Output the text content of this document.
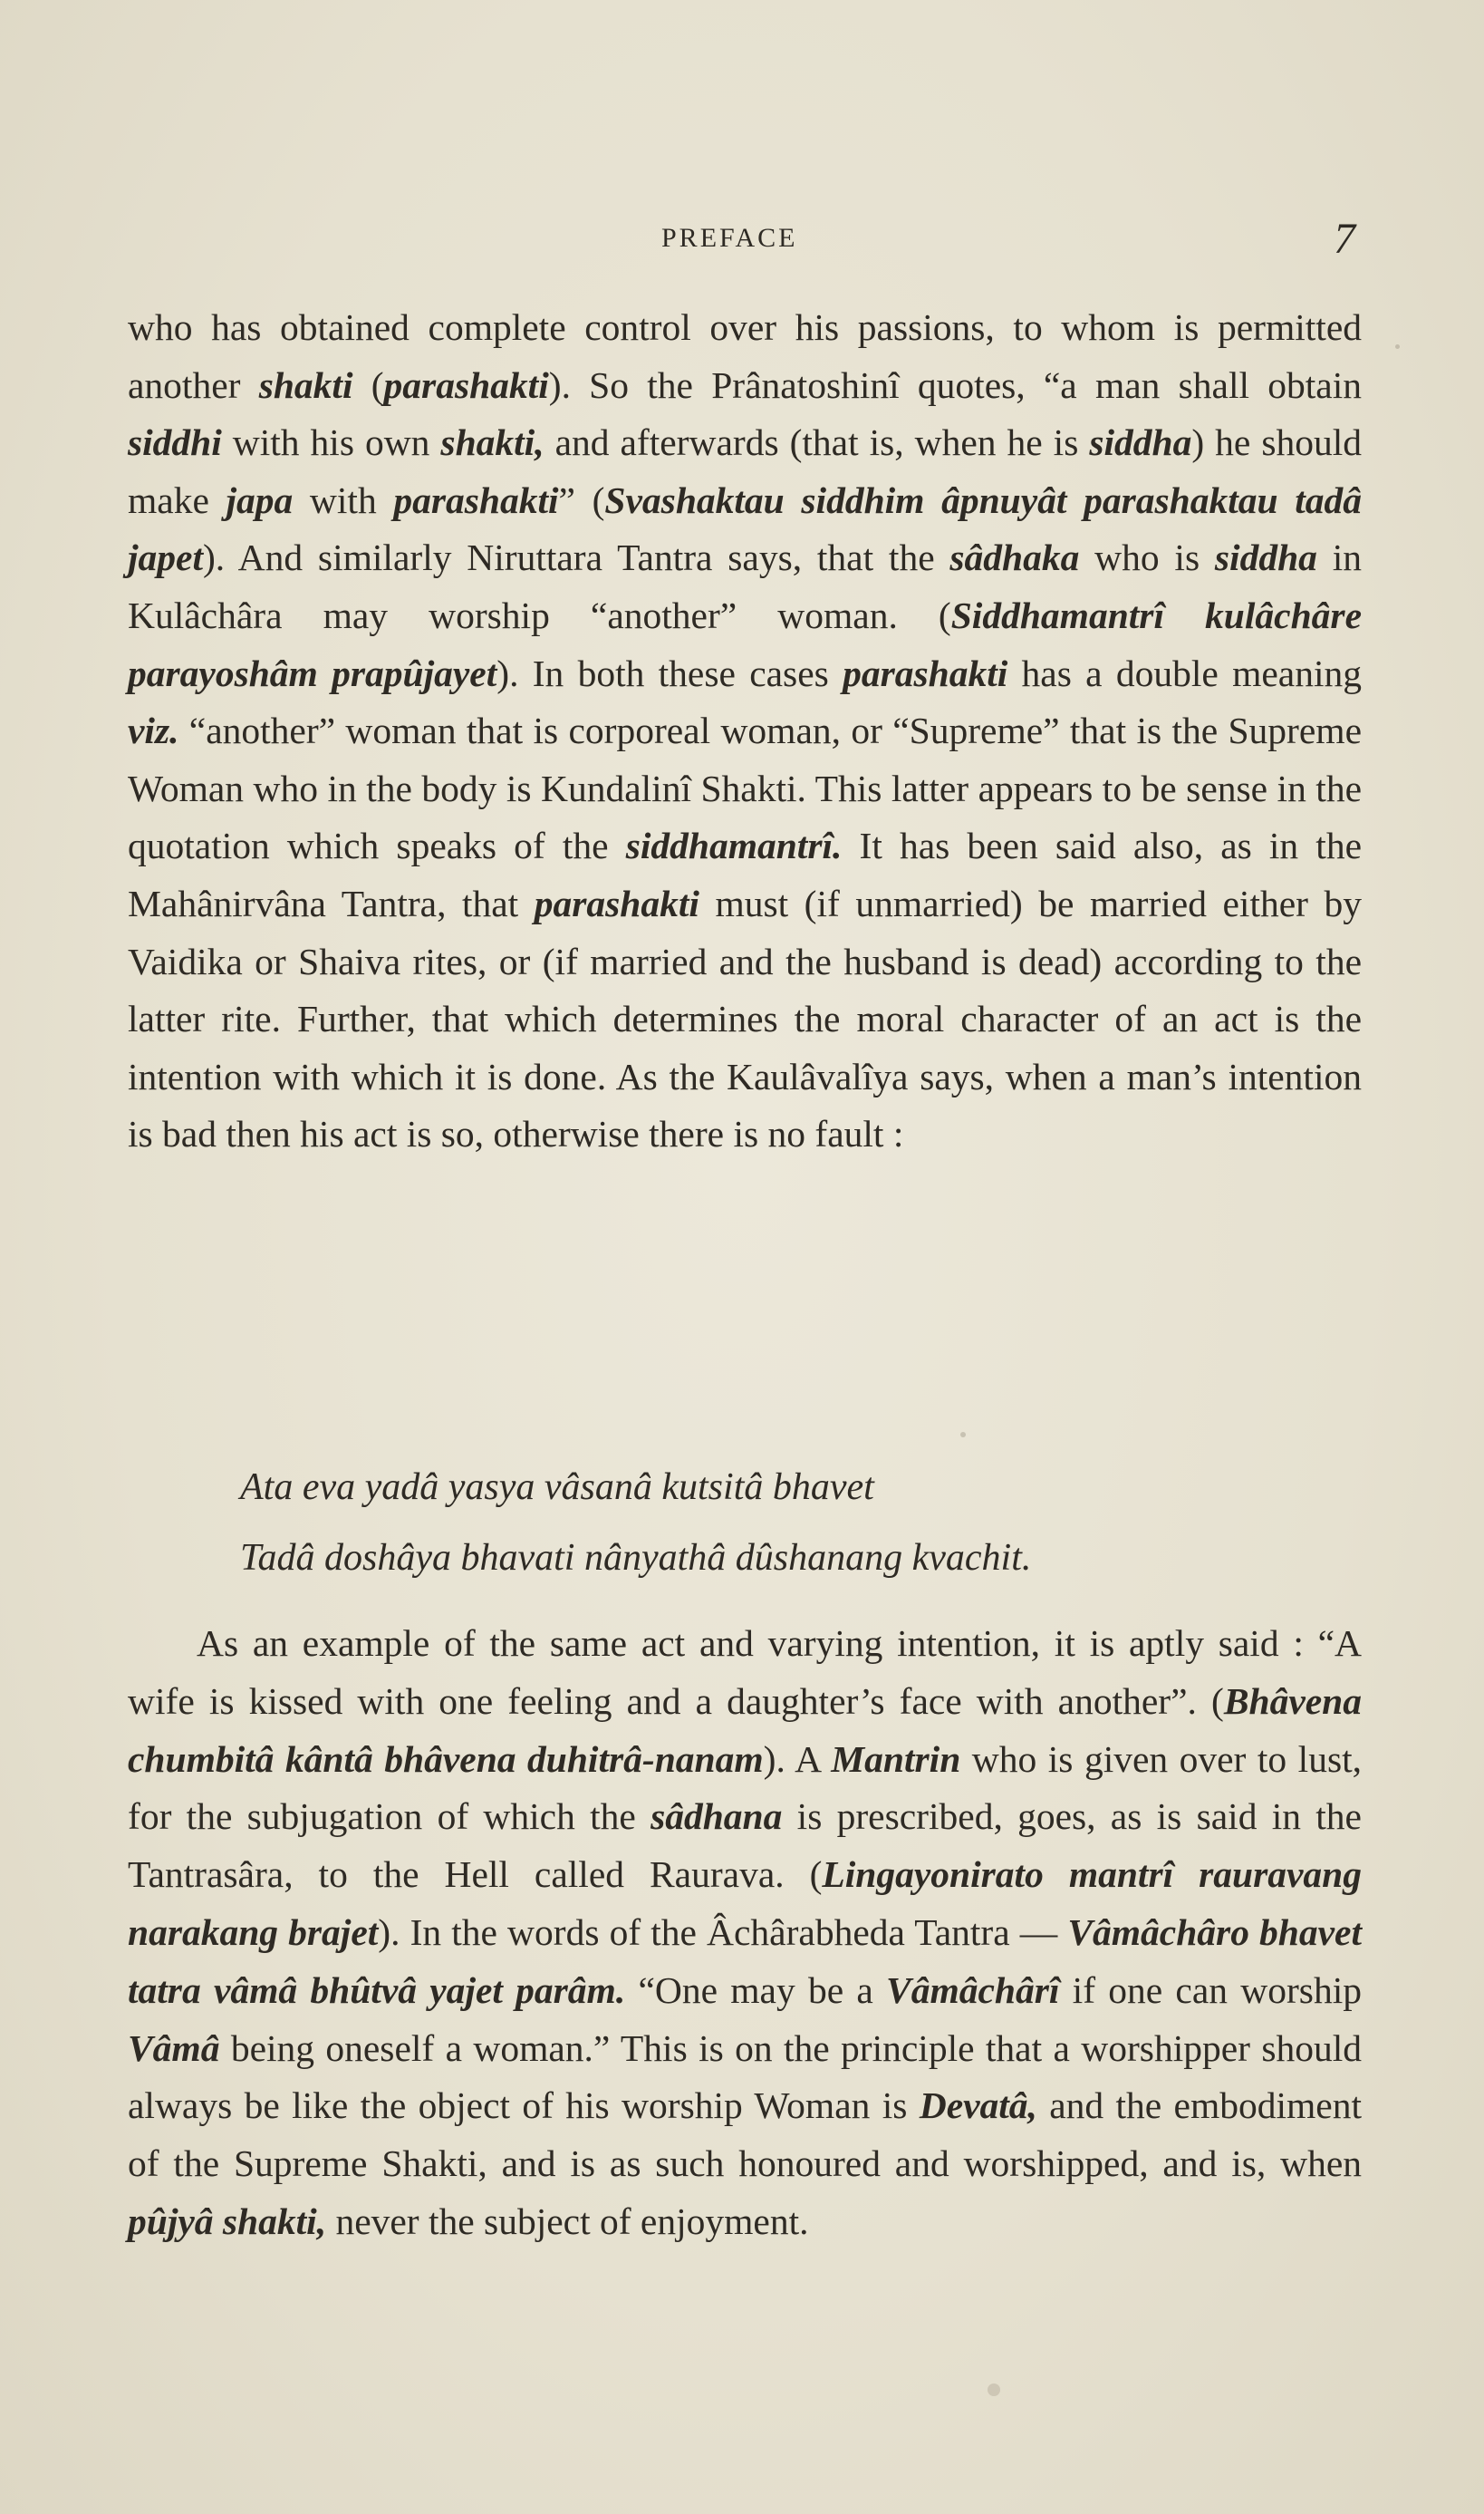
PREFACE	7

who has obtained complete control over his passions, to whom is permitted another shakti (parashakti). So the Prânatoshinî quotes, “a man shall obtain siddhi with his own shakti, and afterwards (that is, when he is siddha) he should make japa with parashakti” (Svashaktau siddhim âpnuyât parashaktau tadâ japet). And similarly Niruttara Tantra says, that the sâdhaka who is siddha in Kulâchâra may worship “another” woman. (Siddhamantrî kulâchâre parayoshâm prapûjayet). In both these cases parashakti has a double meaning viz. “another” woman that is corporeal woman, or “Supreme” that is the Supreme Woman who in the body is Kundalinî Shakti. This latter appears to be sense in the quotation which speaks of the siddhamantrî. It has been said also, as in the Mahânirvâna Tantra, that parashakti must (if unmarried) be married either by Vaidika or Shaiva rites, or (if married and the husband is dead) according to the latter rite. Further, that which determines the moral character of an act is the intention with which it is done. As the Kaulâvalîya says, when a man’s intention is bad then his act is so, otherwise there is no fault :

Ata eva yadâ yasya vâsanâ kutsitâ bhavet
Tadâ doshâya bhavati nânyathâ dûshanang kvachit.

As an example of the same act and varying intention, it is aptly said : “A wife is kissed with one feeling and a daughter’s face with another”. (Bhâvena chumbitâ kântâ bhâvena duhitrâ-nanam). A Mantrin who is given over to lust, for the subjugation of which the sâdhana is prescribed, goes, as is said in the Tantrasâra, to the Hell called Raurava. (Lingayonirato mantrî rauravang narakang brajet). In the words of the Âchârabheda Tantra — Vâmâchâro bhavet tatra vâmâ bhûtvâ yajet parâm. “One may be a Vâmâchârî if one can worship Vâmâ being oneself a woman.” This is on the principle that a worshipper should always be like the object of his worship Woman is Devatâ, and the embodiment of the Supreme Shakti, and is as such honoured and worshipped, and is, when pûjyâ shakti, never the subject of enjoyment.
